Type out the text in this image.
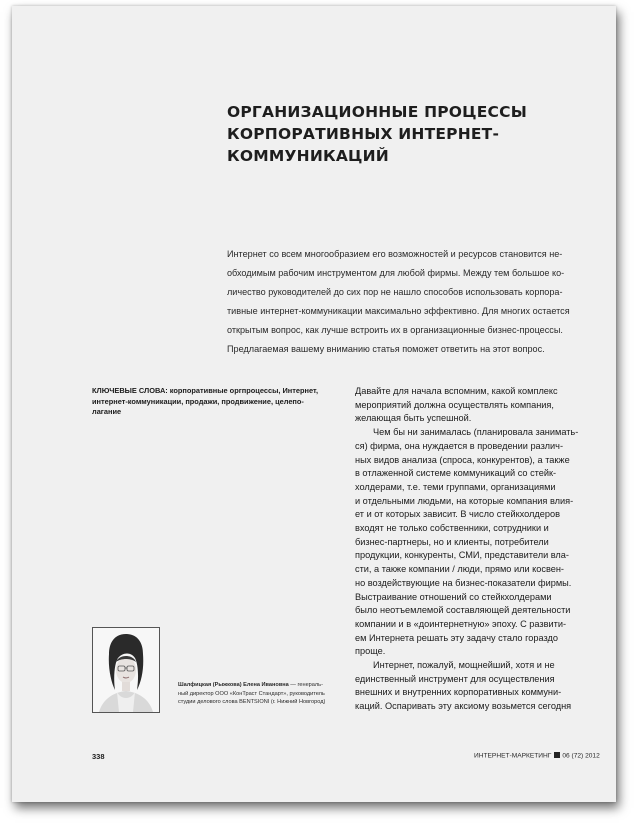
ОРГАНИЗАЦИОННЫЕ ПРОЦЕССЫ
КОРПОРАТИВНЫХ ИНТЕРНЕТ-
КОММУНИКАЦИЙ
Интернет со всем многообразием его возможностей и ресурсов становится не-
обходимым рабочим инструментом для любой фирмы. Между тем большое ко-
личество руководителей до сих пор не нашло способов использовать корпора-
тивные интернет-коммуникации максимально эффективно. Для многих остается
открытым вопрос, как лучше встроить их в организационные бизнес-процессы.
Предлагаемая вашему вниманию статья поможет ответить на этот вопрос.
КЛЮЧЕВЫЕ СЛОВА: корпоративные оргпроцессы, Интернет,
интернет-коммуникации, продажи, продвижение, целепо-
лагание
Давайте для начала вспомним, какой комплекс
мероприятий должна осуществлять компания,
желающая быть успешной.
Чем бы ни занималась (планировала занимать-
ся) фирма, она нуждается в проведении различ-
ных видов анализа (спроса, конкурентов), а также
в отлаженной системе коммуникаций со стейк-
холдерами, т.е. теми группами, организациями
и отдельными людьми, на которые компания влия-
ет и от которых зависит. В число стейкхолдеров
входят не только собственники, сотрудники и
бизнес-партнеры, но и клиенты, потребители
продукции, конкуренты, СМИ, представители вла-
сти, а также компании / люди, прямо или косвен-
но воздействующие на бизнес-показатели фирмы.
Выстраивание отношений со стейкхолдерами
было неотъемлемой составляющей деятельности
компании и в «доинтернетную» эпоху. С развити-
ем Интернета решать эту задачу стало гораздо
проще.
Интернет, пожалуй, мощнейший, хотя и не
единственный инструмент для осуществления
внешних и внутренних корпоративных коммуни-
каций. Оспаривать эту аксиому возьмется сегодня
Шалфицкая (Рыжкова) Елена Ивановна — генераль-
ный директор ООО «КонТраст Стандарт», руководитель
студии делового слова BENTSIONI (г. Нижний Новгород)
338	ИНТЕРНЕТ-МАРКЕТИНГ 06 (72) 2012
